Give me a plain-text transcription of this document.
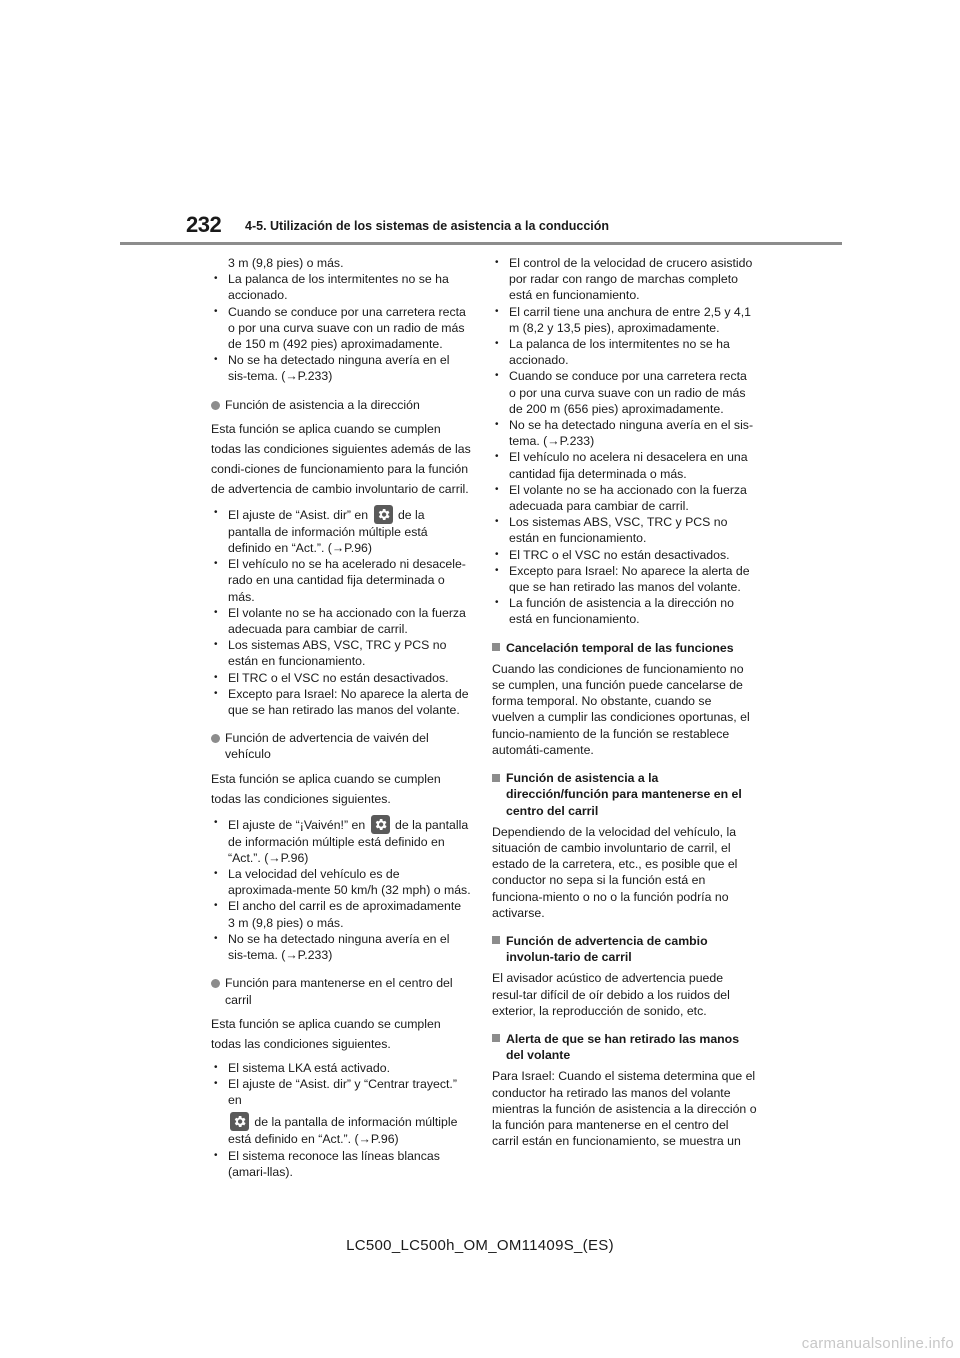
232 4-5. Utilización de los sistemas de asistencia a la conducción
3 m (9,8 pies) o más.
• La palanca de los intermitentes no se ha accionado.
• Cuando se conduce por una carretera recta o por una curva suave con un radio de más de 150 m (492 pies) aproximadamente.
• No se ha detectado ninguna avería en el sis-tema. (→P.233)
Función de asistencia a la dirección
Esta función se aplica cuando se cumplen todas las condiciones siguientes además de las condi-ciones de funcionamiento para la función de advertencia de cambio involuntario de carril.
• El ajuste de “Asist. dir” en de la pantalla de información múltiple está definido en “Act.”. (→P.96)
• El vehículo no se ha acelerado ni desacele-rado en una cantidad fija determinada o más.
• El volante no se ha accionado con la fuerza adecuada para cambiar de carril.
• Los sistemas ABS, VSC, TRC y PCS no están en funcionamiento.
• El TRC o el VSC no están desactivados.
• Excepto para Israel: No aparece la alerta de que se han retirado las manos del volante.
Función de advertencia de vaivén del vehículo
Esta función se aplica cuando se cumplen todas las condiciones siguientes.
• El ajuste de “¡Vaivén!” en de la pantalla de información múltiple está definido en “Act.”. (→P.96)
• La velocidad del vehículo es de aproximada-mente 50 km/h (32 mph) o más.
• El ancho del carril es de aproximadamente 3 m (9,8 pies) o más.
• No se ha detectado ninguna avería en el sis-tema. (→P.233)
Función para mantenerse en el centro del carril
Esta función se aplica cuando se cumplen todas las condiciones siguientes.
• El sistema LKA está activado.
• El ajuste de “Asist. dir” y “Centrar trayect.” en
de la pantalla de información múltiple está definido en “Act.”. (→P.96)
• El sistema reconoce las líneas blancas (amari-llas).
• El control de la velocidad de crucero asistido por radar con rango de marchas completo está en funcionamiento.
• El carril tiene una anchura de entre 2,5 y 4,1 m (8,2 y 13,5 pies), aproximadamente.
• La palanca de los intermitentes no se ha accionado.
• Cuando se conduce por una carretera recta o por una curva suave con un radio de más de 200 m (656 pies) aproximadamente.
• No se ha detectado ninguna avería en el sis-tema. (→P.233)
• El vehículo no acelera ni desacelera en una cantidad fija determinada o más.
• El volante no se ha accionado con la fuerza adecuada para cambiar de carril.
• Los sistemas ABS, VSC, TRC y PCS no están en funcionamiento.
• El TRC o el VSC no están desactivados.
• Excepto para Israel: No aparece la alerta de que se han retirado las manos del volante.
• La función de asistencia a la dirección no está en funcionamiento.
Cancelación temporal de las funciones
Cuando las condiciones de funcionamiento no se cumplen, una función puede cancelarse de forma temporal. No obstante, cuando se vuelven a cumplir las condiciones oportunas, el funcio-namiento de la función se restablece automáti-camente.
Función de asistencia a la dirección/función para mantenerse en el centro del carril
Dependiendo de la velocidad del vehículo, la situación de cambio involuntario de carril, el estado de la carretera, etc., es posible que el conductor no sepa si la función está en funciona-miento o no o la función podría no activarse.
Función de advertencia de cambio involun-tario de carril
El avisador acústico de advertencia puede resul-tar difícil de oír debido a los ruidos del exterior, la reproducción de sonido, etc.
Alerta de que se han retirado las manos del volante
Para Israel: Cuando el sistema determina que el conductor ha retirado las manos del volante mientras la función de asistencia a la dirección o la función para mantenerse en el centro del carril están en funcionamiento, se muestra un
LC500_LC500h_OM_OM11409S_(ES)
carmanualsonline.info
